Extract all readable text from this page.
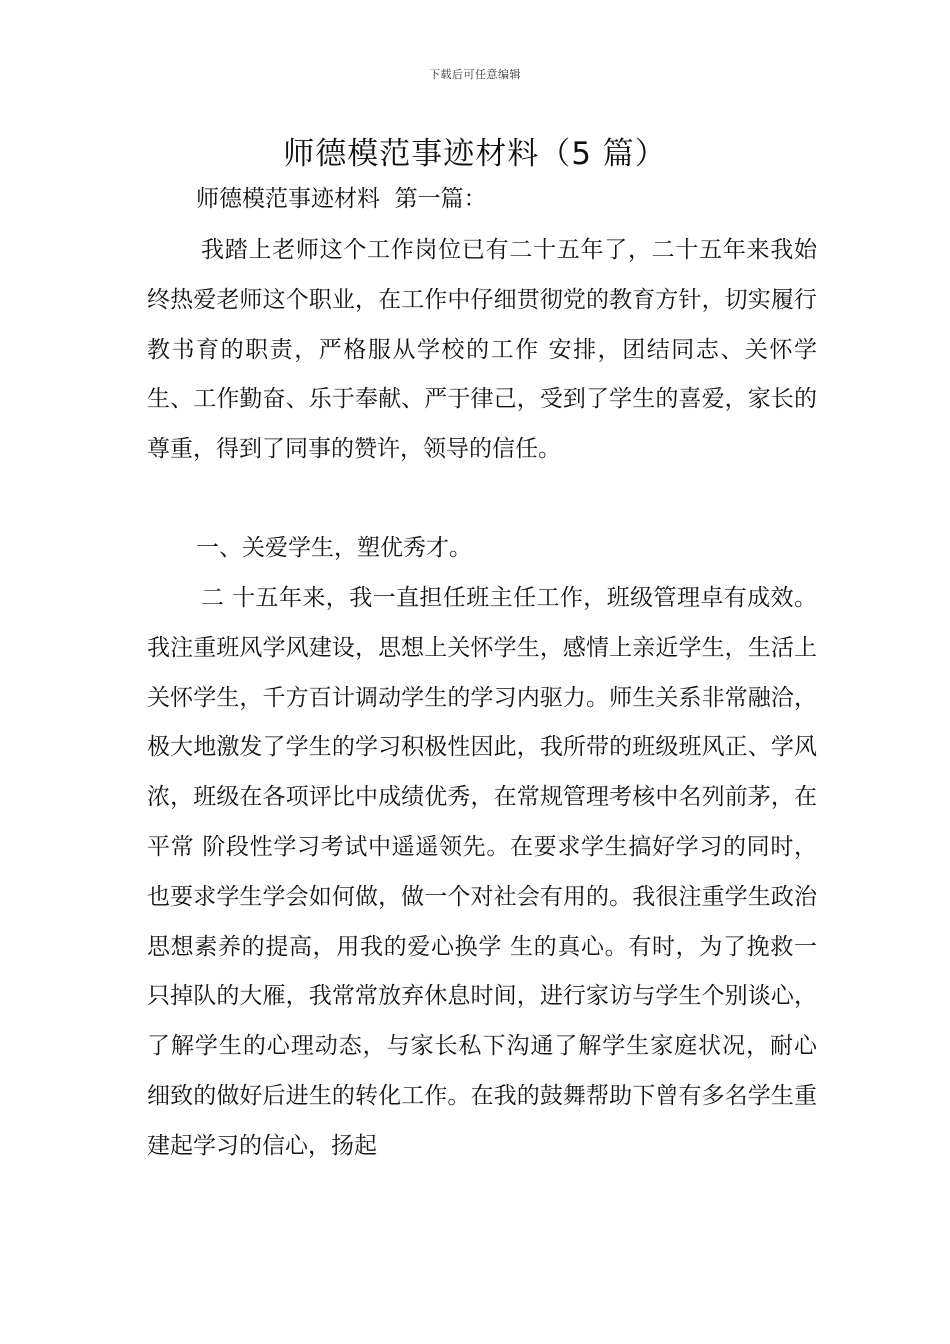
下载后可任意编辑
师德模范事迹材料（5 篇）
师德模范事迹材料  第一篇：

我踏上老师这个工作岗位已有二十五年了，二十五年来我始终热爱老师这个职业，在工作中仔细贯彻党的教育方针，切实履行教书育的职责，严格服从学校的工作 安排，团结同志、关怀学生、工作勤奋、乐于奉献、严于律己，受到了学生的喜爱，家长的尊重，得到了同事的赞许，领导的信任。

一、关爱学生，塑优秀才。

二 十五年来，我一直担任班主任工作，班级管理卓有成效。我注重班风学风建设，思想上关怀学生，感情上亲近学生，生活上关怀学生，千方百计调动学生的学习内驱力。师生关系非常融洽，极大地激发了学生的学习积极性因此，我所带的班级班风正、学风浓，班级在各项评比中成绩优秀，在常规管理考核中名列前茅，在平常 阶段性学习考试中遥遥领先。在要求学生搞好学习的同时，也要求学生学会如何做，做一个对社会有用的。我很注重学生政治思想素养的提高，用我的爱心换学 生的真心。有时，为了挽救一只掉队的大雁，我常常放弃休息时间，进行家访与学生个别谈心，了解学生的心理动态，与家长私下沟通了解学生家庭状况，耐心 细致的做好后进生的转化工作。在我的鼓舞帮助下曾有多名学生重建起学习的信心，扬起
